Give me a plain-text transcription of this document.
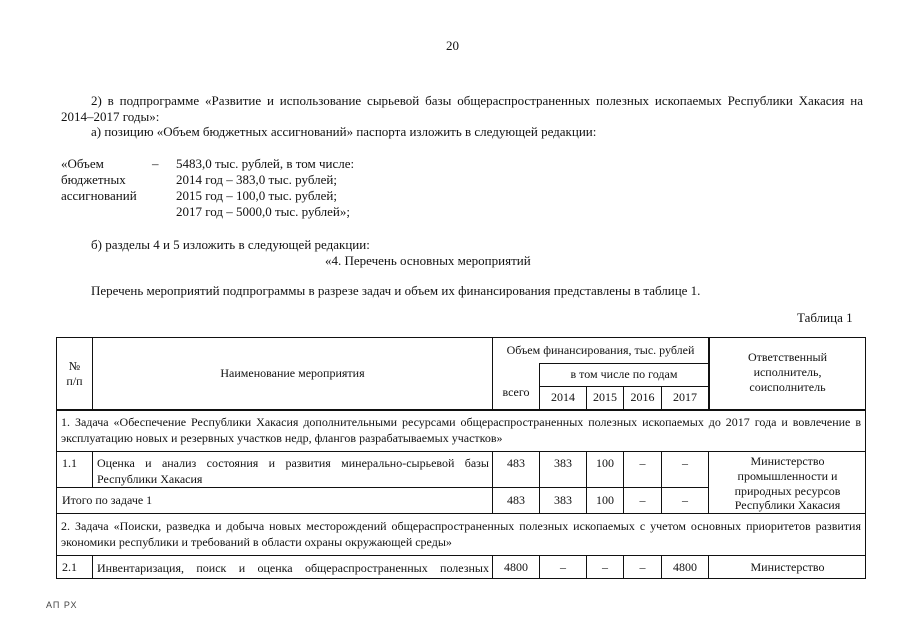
20
2) в подпрограмме «Развитие и использование сырьевой базы общераспространенных полезных ископаемых Республики Хакасия на 2014–2017 годы»:
а) позицию «Объем бюджетных ассигнований» паспорта изложить в следующей редакции:
«Объем
бюджетных
ассигнований
– 5483,0 тыс. рублей, в том числе:
2014 год – 383,0 тыс. рублей;
2015 год – 100,0 тыс. рублей;
2017 год – 5000,0 тыс. рублей»;
б) разделы 4 и 5 изложить в следующей редакции:
«4. Перечень основных мероприятий
Перечень мероприятий подпрограммы в разрезе задач и объем их финансирования представлены в таблице 1.
Таблица 1
№
п/п
Наименование мероприятия
Объем финансирования, тыс. рублей
всего
в том числе по годам
2014	2015	2016	2017
Ответственный
исполнитель,
соисполнитель
1. Задача «Обеспечение Республики Хакасия дополнительными ресурсами общераспространенных полезных ископаемых до 2017 года и вовлечение в эксплуатацию новых и резервных участков недр, флангов разрабатываемых участков»
1.1 Оценка и анализ состояния и развития минерально-сырьевой базы Республики Хакасия
483	383	100	–	–	Министерство
промышленности и
природных ресурсов
Республики Хакасия
Итого по задаче 1	483	383	100	–	–
2. Задача «Поиски, разведка и добыча новых месторождений общераспространенных полезных ископаемых с учетом основных приоритетов развития экономики республики и требований в области охраны окружающей среды»
2.1 Инвентаризация, поиск и оценка общераспространенных полезных	4800	–	–	–	4800	Министерство
АП РХ
